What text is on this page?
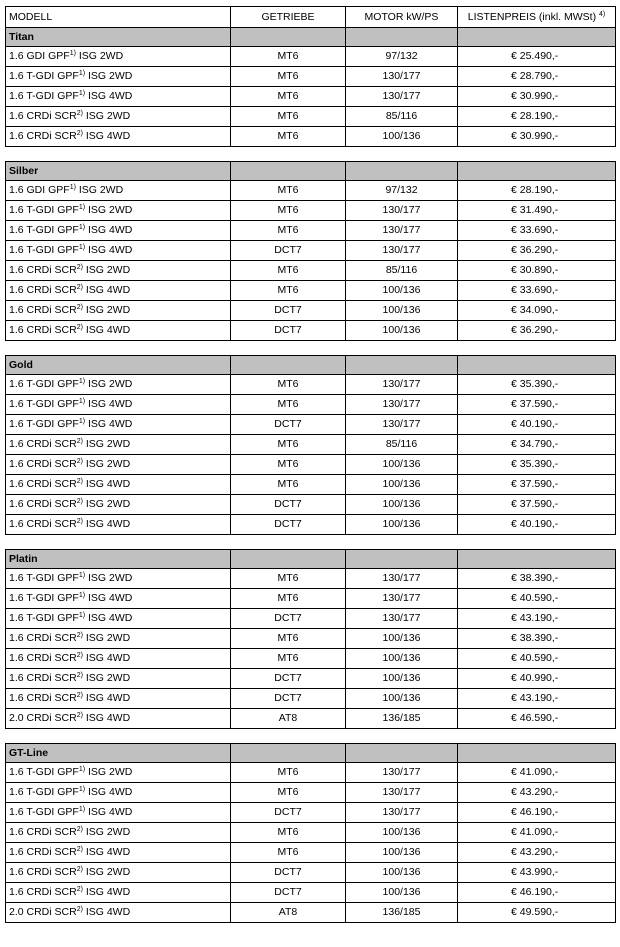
MODELL	GETRIEBE	MOTOR kW/PS	LISTENPREIS (inkl. MWSt) $^{4)}$
Titan			
1.6 GDI GPF$^{1)}$ ISG 2WD	MT6	97/132	€ 25.490,-
1.6 T-GDI GPF$^{1)}$ ISG 2WD	MT6	130/177	€ 28.790,-
1.6 T-GDI GPF$^{1)}$ ISG 4WD	MT6	130/177	€ 30.990,-
1.6 CRDi SCR$^{2)}$ ISG 2WD	MT6	85/116	€ 28.190,-
1.6 CRDi SCR$^{2)}$ ISG 4WD	MT6	100/136	€ 30.990,-

Silber			
1.6 GDI GPF$^{1)}$ ISG 2WD	MT6	97/132	€ 28.190,-
1.6 T-GDI GPF$^{1)}$ ISG 2WD	MT6	130/177	€ 31.490,-
1.6 T-GDI GPF$^{1)}$ ISG 4WD	MT6	130/177	€ 33.690,-
1.6 T-GDI GPF$^{1)}$ ISG 4WD	DCT7	130/177	€ 36.290,-
1.6 CRDi SCR$^{2)}$ ISG 2WD	MT6	85/116	€ 30.890,-
1.6 CRDi SCR$^{2)}$ ISG 4WD	MT6	100/136	€ 33.690,-
1.6 CRDi SCR$^{2)}$ ISG 2WD	DCT7	100/136	€ 34.090,-
1.6 CRDi SCR$^{2)}$ ISG 4WD	DCT7	100/136	€ 36.290,-

Gold			
1.6 T-GDI GPF$^{1)}$ ISG 2WD	MT6	130/177	€ 35.390,-
1.6 T-GDI GPF$^{1)}$ ISG 4WD	MT6	130/177	€ 37.590,-
1.6 T-GDI GPF$^{1)}$ ISG 4WD	DCT7	130/177	€ 40.190,-
1.6 CRDi SCR$^{2)}$ ISG 2WD	MT6	85/116	€ 34.790,-
1.6 CRDi SCR$^{2)}$ ISG 2WD	MT6	100/136	€ 35.390,-
1.6 CRDi SCR$^{2)}$ ISG 4WD	MT6	100/136	€ 37.590,-
1.6 CRDi SCR$^{2)}$ ISG 2WD	DCT7	100/136	€ 37.590,-
1.6 CRDi SCR$^{2)}$ ISG 4WD	DCT7	100/136	€ 40.190,-

Platin			
1.6 T-GDI GPF$^{1)}$ ISG 2WD	MT6	130/177	€ 38.390,-
1.6 T-GDI GPF$^{1)}$ ISG 4WD	MT6	130/177	€ 40.590,-
1.6 T-GDI GPF$^{1)}$ ISG 4WD	DCT7	130/177	€ 43.190,-
1.6 CRDi SCR$^{2)}$ ISG 2WD	MT6	100/136	€ 38.390,-
1.6 CRDi SCR$^{2)}$ ISG 4WD	MT6	100/136	€ 40.590,-
1.6 CRDi SCR$^{2)}$ ISG 2WD	DCT7	100/136	€ 40.990,-
1.6 CRDi SCR$^{2)}$ ISG 4WD	DCT7	100/136	€ 43.190,-
2.0 CRDi SCR$^{2)}$ ISG 4WD	AT8	136/185	€ 46.590,-

GT-Line			
1.6 T-GDI GPF$^{1)}$ ISG 2WD	MT6	130/177	€ 41.090,-
1.6 T-GDI GPF$^{1)}$ ISG 4WD	MT6	130/177	€ 43.290,-
1.6 T-GDI GPF$^{1)}$ ISG 4WD	DCT7	130/177	€ 46.190,-
1.6 CRDi SCR$^{2)}$ ISG 2WD	MT6	100/136	€ 41.090,-
1.6 CRDi SCR$^{2)}$ ISG 4WD	MT6	100/136	€ 43.290,-
1.6 CRDi SCR$^{2)}$ ISG 2WD	DCT7	100/136	€ 43.990,-
1.6 CRDi SCR$^{2)}$ ISG 4WD	DCT7	100/136	€ 46.190,-
2.0 CRDi SCR$^{2)}$ ISG 4WD	AT8	136/185	€ 49.590,-
